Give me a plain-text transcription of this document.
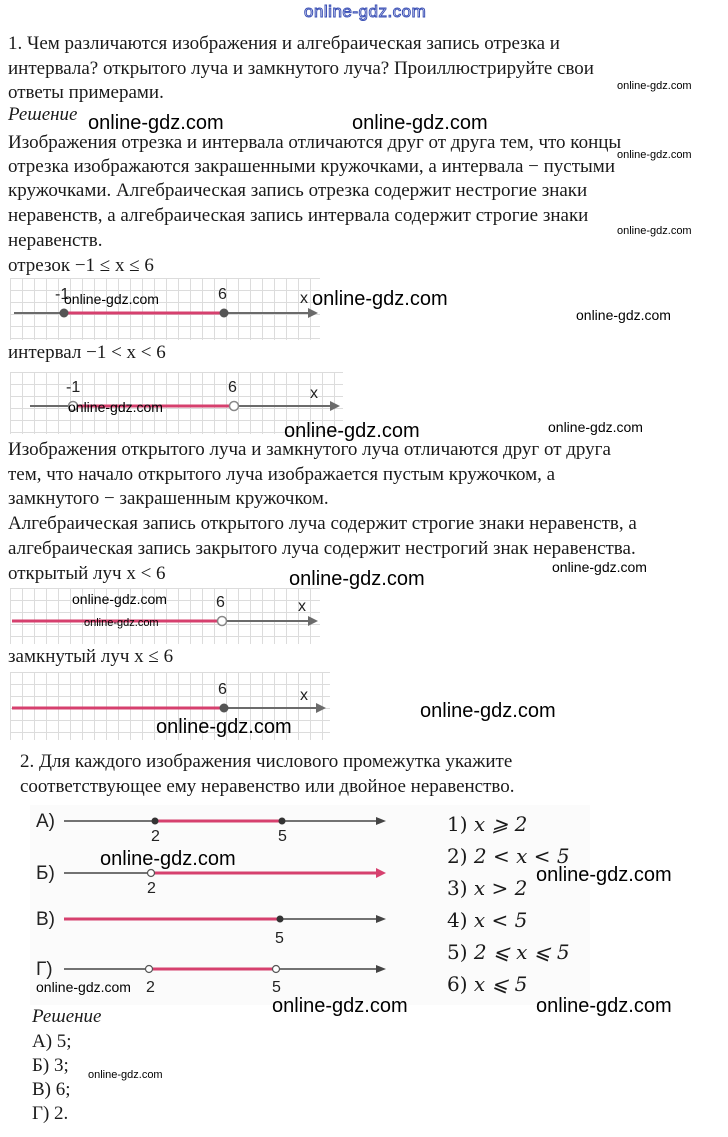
online-gdz.com
1. Чем различаются изображения и алгебраическая запись отрезка и
интервала? открытого луча и замкнутого луча? Проиллюстрируйте свои
ответы примерами.
Решение
Изображения отрезка и интервала отличаются друг от друга тем, что концы
отрезка изображаются закрашенными кружочками, а интервала − пустыми
кружочками. Алгебраическая запись отрезка содержит нестрогие знаки
неравенств, а алгебраическая запись интервала содержит строгие знаки
неравенств.
отрезок −1 ≤ x ≤ 6
-1	6	x
интервал −1 < x < 6
-1	6	x
Изображения открытого луча и замкнутого луча отличаются друг от друга
тем, что начало открытого луча изображается пустым кружочком, а
замкнутого − закрашенным кружочком.
Алгебраическая запись открытого луча содержит строгие знаки неравенств, а
алгебраическая запись закрытого луча содержит нестрогий знак неравенства.
открытый луч x < 6
6	x
замкнутый луч x ≤ 6
6	x
2. Для каждого изображения числового промежутка укажите
соответствующее ему неравенство или двойное неравенство.
А)
2	5
Б)
2
В)
5
Г)
2	5
1) x ⩾ 2
2) 2 < x < 5
3) x > 2
4) x < 5
5) 2 ⩽ x ⩽ 5
6) x ⩽ 5
Решение
А) 5;
Б) 3;
В) 6;
Г) 2.
online-gdz.com
online-gdz.com	online-gdz.com
online-gdz.com
online-gdz.com
online-gdz.com	online-gdz.com
online-gdz.com
online-gdz.com
online-gdz.com
online-gdz.com
online-gdz.com
online-gdz.com
online-gdz.com
online-gdz.com
online-gdz.com
online-gdz.com
online-gdz.com
online-gdz.com
online-gdz.com
online-gdz.com	online-gdz.com
online-gdz.com
